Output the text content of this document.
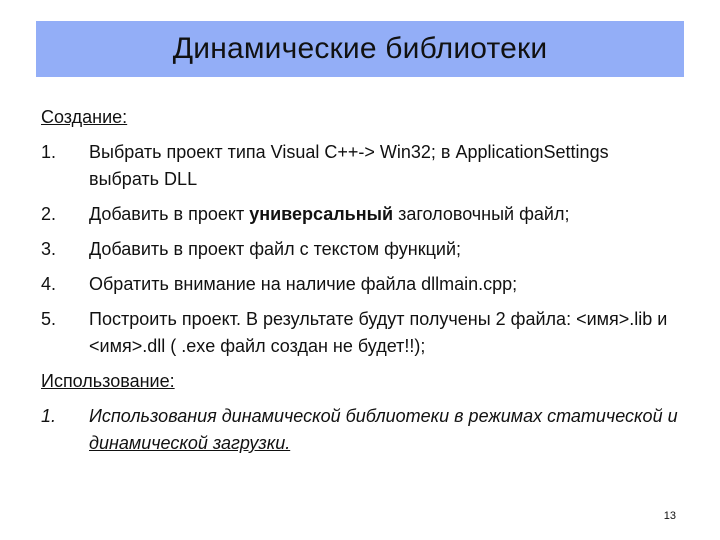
Динамические библиотеки
Создание:
1.	Выбрать проект типа Visual C++-> Win32; в ApplicationSettings выбрать DLL
2.	Добавить в проект универсальный заголовочный файл;
3.	Добавить в проект файл с текстом функций;
4.	Обратить внимание на наличие файла dllmain.cpp;
5.	Построить проект. В результате будут получены 2 файла: <имя>.lib и <имя>.dll ( .exe файл создан не будет!!);
Использование:
1.	Использования динамической библиотеки в режимах статической и динамической загрузки.
13
